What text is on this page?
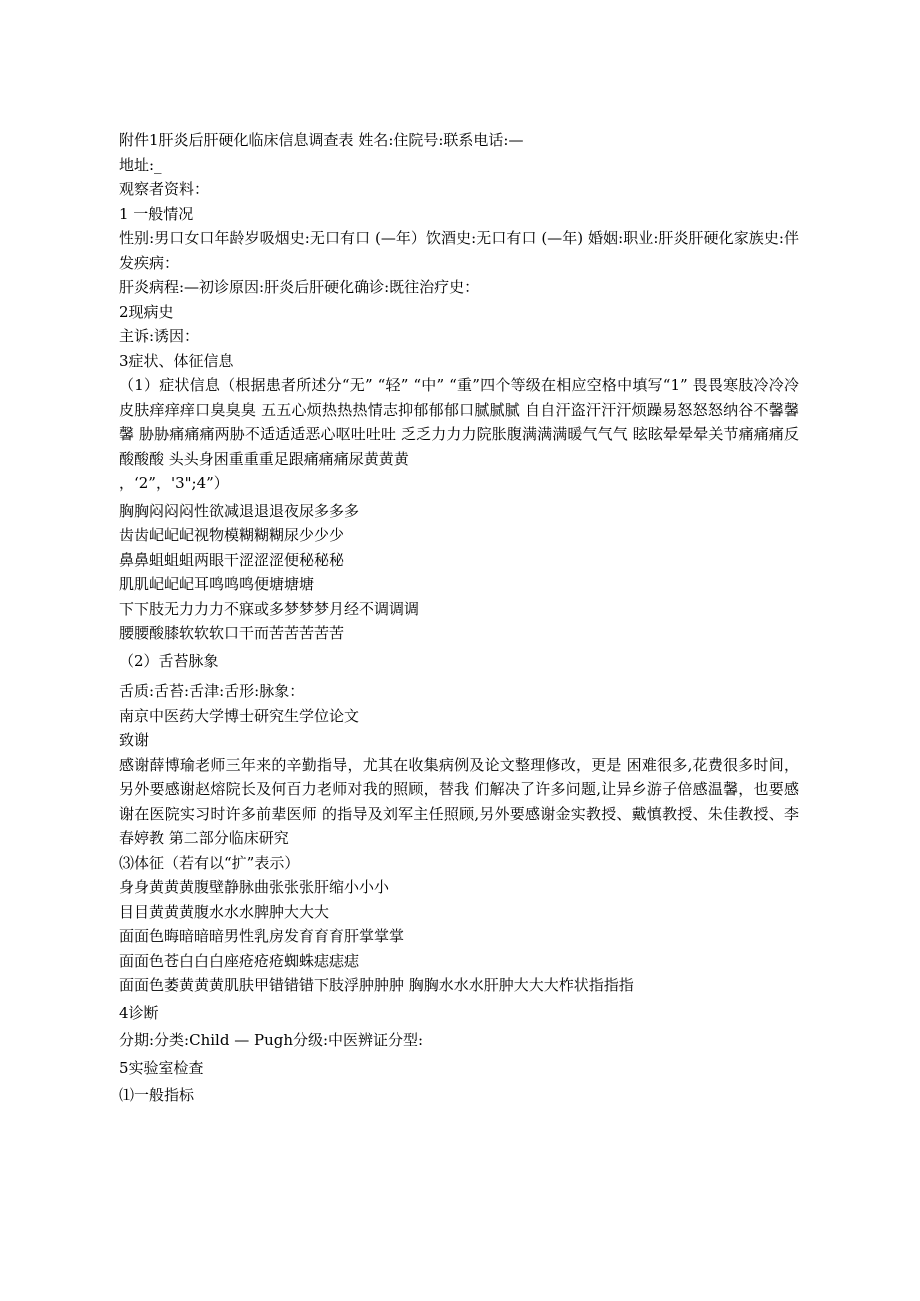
附件1肝炎后肝硬化临床信息调查表 姓名:住院号:联系电话:—
地址:_
观察者资料：
1 一般情况
性别:男口女口年龄岁吸烟史:无口有口 (—年）饮酒史:无口有口 (—年) 婚姻:职业:肝炎肝硬化家族史:伴发疾病：
肝炎病程:—初诊原因:肝炎后肝硬化确诊:既往治疗史：
2现病史
主诉:诱因：
3症状、体征信息
（1）症状信息（根据患者所述分“无” “轻” “中” “重”四个等级在相应空格中填写“1” 畏畏寒肢冷冷冷皮肤痒痒痒口臭臭臭 五五心烦热热热情志抑郁郁郁口腻腻腻 自自汗盗汗汗汗烦躁易怒怒怒纳谷不馨馨馨 胁胁痛痛痛两胁不适适适恶心呕吐吐吐 乏乏力力力院胀腹满满满暖气气气 眩眩晕晕晕关节痛痛痛反酸酸酸 头头身困重重重足跟痛痛痛尿黄黄黄
，‘2”，'3";4”）
胸胸闷闷闷性欲减退退退夜尿多多多
齿齿屺屺屺视物模糊糊糊尿少少少
鼻鼻蛆蛆蛆两眼干涩涩涩便秘秘秘
肌肌屺屺屺耳鸣鸣鸣便塘塘塘
下下肢无力力力不寐或多梦梦梦月经不调调调
腰腰酸膝软软软口干而苦苦苦苦苦
（2）舌苔脉象
舌质:舌苔:舌津:舌形:脉象：
南京中医药大学博士研究生学位论文
致谢
感谢薛博瑜老师三年来的辛勤指导，尤其在收集病例及论文整理修改，更是 困难很多,花费很多时间，另外要感谢赵熔院长及何百力老师对我的照顾，替我 们解决了许多问题,让异乡游子倍感温馨，也要感谢在医院实习时许多前辈医师 的指导及刘军主任照顾,另外要感谢金实教授、戴慎教授、朱佳教授、李春婷教 第二部分临床研究
⑶体征（若有以“扩”表示）
身身黄黄黄腹壁静脉曲张张张肝缩小小小
目目黄黄黄腹水水水脾肿大大大
面面色晦暗暗暗男性乳房发育育育肝掌掌掌
面面色苍白白白座疮疮疮蜘蛛痣痣痣
面面色萎黄黄黄肌肤甲错错错下肢浮肿肿肿 胸胸水水水肝肿大大大柞状指指指
4诊断
分期:分类:Child — Pugh分级:中医辨证分型:
5实验室检查
⑴一般指标
